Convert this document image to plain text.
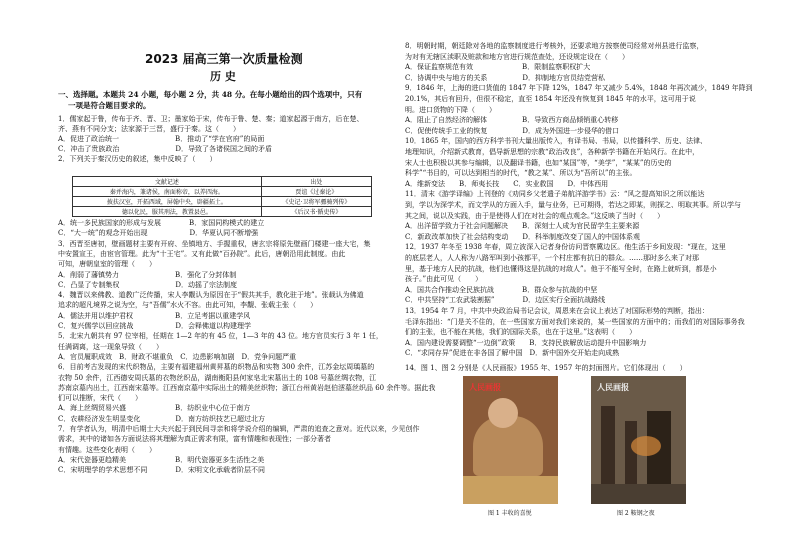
2023 届高三第一次质量检测
历 史
一、选择题。本题共 24 小题，每小题 2 分，共 48 分。在每小题给出的四个选项中，只有
一项是符合题目要求的。
1．儒家起于鲁，传布于齐、晋、卫；墨家始于宋，传布于鲁、楚、秦；道家起源于南方，后在楚、
齐、燕有不同分支；法家源于三晋，盛行于秦。这（　　）
A．促进了政治统一　　　　　　　　B．推动了“学在官府”的局面
C．冲击了贵族政治　　　　　　　　D．导致了各诸侯国之间的矛盾
2．下列关于秦汉历史的叙述，集中反映了（　　）
A．统一多民族国家的形成与发展　　　　B．家国同构模式的建立
C．“大一统”的观念开始出现　　　　　　D．华夏认同不断增强
3．西晋至唐初，壁画题材主要有开府、坐镇地方、手握重权，唐玄宗将原先壁画门楼建一座大宅，集
中安置宣王，由宦官管理。此为“十王宅”。又有此做“百孙院”。此后，唐朝沿用此制度。由此
可知，唐朝皇室的管理（　　）
A．削弱了藩镇势力　　　　　　　　B．强化了分封体制
C．凸显了专制集权　　　　　　　　D．动摇了宗法制度
4．魏晋以来佛教、道教广泛传播，宋人李觏认为原因在于“假共其手，教化驻于地”。张载认为佛道
追求的超凡境界之说为空，与“吾儒”水火不容。由此可知，李觏、张载主张（　　）
A．儒法并用以维护君权　　　　　　B．立足考据以重建学风
C．复兴儒学以回应挑战　　　　　　D．会释佛道以构建理学
5．北宋九朝共有 97 位宰相，任期在 1—2 年的有 45 位，1—3 年的 43 位。地方官员实行 3 年 1 任，
任满调离，这一现象导致（　　）
A．官员履职成效　B．财政不堪重负　C．边患影响加剧　D．党争问题严重
6．目前考古发现的宋代织物品，主要有福建福州黄昇墓的织物品和实物 300 余件，江苏金坛周瑀墓的
衣物 50 余件，江西德安周氏墓的衣物丝织品，湖南衡阳县何家皂北宋墓出土的 108 号墓丝绸衣物，江
苏南京墓内出土，江西南宋墓等。江西南京墓中实际出土的精美丝织物；浙江台州黄岩赵伯澐墓丝织品 60 余件等。据此我
们可以推断，宋代（　　）
A．海上丝绸贸易兴盛　　　　　　　B．纺织业中心位于南方
C．农耕经济发生明显变化　　　　　D．南方纺织技艺已超过北方
7．有学者认为，明清中后期士大夫兴起于到民间寻亲和将学说介绍的编辑，严肃的追查之意对。近代以来，少见创作
需求，其中的诸如各方面说法将其理解为真正需求有限，富有情趣和表现性；一部分著者
有情趣。这些变化表明（　　）
A．宋代瓷器更趋精美　　　　　　　B．明代瓷器更多生活性之美
C．宋明理学的学术思想不同　　　　D．宋明文化承载者阶层不同
文献记述	出处
秦并海内，兼诸侯，南面称帝，以养四海。	贾谊《过秦论》
披扶汉室，开拓西域，屏翰中央，辟疆拓土。	《史记·卫将军骠骑列传》
德以化民，服其刑法，教置县邑。	《后汉书·循吏传》
8．明朝时期，朝廷除对各地的监察制度进行考核外，还要求地方按察使司经常对州县进行监察，
为对有无辖区渎职及赃款和地方官进行规范查处，还设规定设在（　　）
A．保证监察规范有效　　　　　　　B．限制监察职权扩大
C．协调中央与地方的关系　　　　　D．抑制地方官员结党营私
9．1846 年，上海的进口货值的 1847 年下降 12%，1847 年又减少 5.4%，1848 年再次减少，1849 年降到
20.1%，其后有回升，但很不稳定，直至 1854 年还没有恢复到 1845 年的水平，这可用于说
明。进口货物的下降（　　）
A．阻止了自然经济的解体　　　　　B．导致西方商品倾销重心转移
C．促使传统手工业的恢复　　　　　D．成为外国进一步侵华的借口
10．1865 年，国内的西方科学书刊大量出版传入，有译书局、书局，以传播科学、历史、法律、
地理知识，介绍新式教育，倡导新思想的宗教“政治改良”，各种新学书籍在开始风行。在此中，
宋人士也积极以其参与编辑，以及翻译书籍，也如“某国”等，“美学”，“某某”的历史的
科学”“书目的，可以达到相当的时代，“教之某”、所以为“吾所以”的主张。
A．维新变法　　B．师夷长技　　C．实业救国　　D．中体西用
11．清末《游学译编》上刊登的《劝同乡父老遣子弟航洋游学书》云：“风之提高知识之所以能达
到，学以为深学术，而文学从的方面入手，量与业务，已可期得，若达之即某，则探之、明取其事。所以学与
其之间，说以及实践，由于是使得人们在对社会的观点观念。”这反映了当时（　　）
A．出洋留学致力于社会问题解决　　B．深刻士人成为官民留学生主要来源
C．新政改革加快了社会结构变动　　D．科举制度改变了国人的中国体系观
12．1937 年冬至 1938 年春，周立波深入记者身份访问晋察冀边区。他生活于乡间发现：“现在，这里
的底层老人，人人称为八路军叫到小孩都平，一个村庄都有抗日的群众。……那时多么来了对那
里，基于地方人民的抗战，他们也懂得这是抗战的对敌人”。他于不能写全时，在路上就听到，都是小
孩子。”由此可见（　　）
A．国共合作推动全民族抗战　　　　B．群众参与抗战的中坚
C．中共坚持“工农武装割据”　　　　D．边区实行全面抗战路线
13．1954 年 7 月，中共中央政治局书记会议，周恩来在会议上表达了对国际形势的判断，指出：
毛泽东指出：“门是关不住的，在一些国家方面对我们来说的，某一些国家的方面中的；而我们的对国际事务我
们的主张，也不能在其他，我们的国际关系，也在于这里。”这表明（　　）
A．国内建设需要调整“一边倒”政策　　B．支持民族解放运动提升中国影响力
C．“求同存异”促进在非各国了解中国　D．新中国外交开始走向成熟
14．图 1、图 2 分别是《人民画报》1955 年、1957 年的封面图片。它们体现出（　　）
人民画报
图 1 丰收的喜悦
人民画报
图 2 鞍钢之夜
